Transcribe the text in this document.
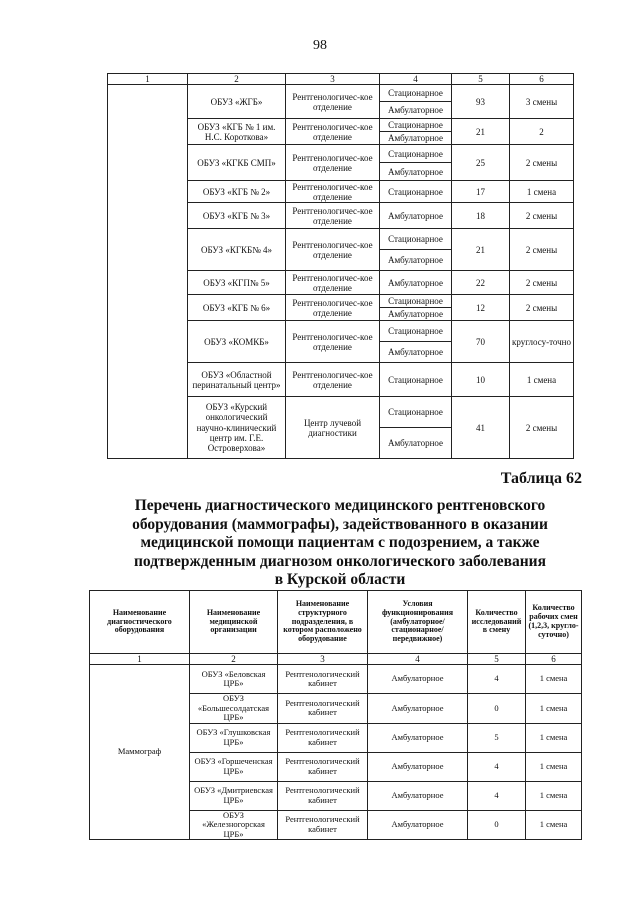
98
1	2	3	4	5	6
	ОБУЗ «ЖГБ»	Рентгенологичес-кое отделение	Стационарное	93	3 смены
			Амбулаторное		
	ОБУЗ «КГБ № 1 им. Н.С. Короткова»	Рентгенологичес-кое отделение	Стационарное	21	2
			Амбулаторное		
	ОБУЗ «КГКБ СМП»	Рентгенологичес-кое отделение	Стационарное	25	2 смены
			Амбулаторное		
	ОБУЗ «КГБ № 2»	Рентгенологичес-кое отделение	Стационарное	17	1 смена
	ОБУЗ «КГБ № 3»	Рентгенологичес-кое отделение	Амбулаторное	18	2 смены
	ОБУЗ «КГКБ№ 4»	Рентгенологичес-кое отделение	Стационарное	21	2 смены
			Амбулаторное		
	ОБУЗ «КГП№ 5»	Рентгенологичес-кое отделение	Амбулаторное	22	2 смены
	ОБУЗ «КГБ № 6»	Рентгенологичес-кое отделение	Стационарное	12	2 смены
			Амбулаторное		
	ОБУЗ «КОМКБ»	Рентгенологичес-кое отделение	Стационарное	70	круглосу-точно
			Амбулаторное		
	ОБУЗ «Областной перинатальный центр»	Рентгенологичес-кое отделение	Стационарное	10	1 смена
	ОБУЗ «Курский онкологический научно-клинический центр им. Г.Е. Островерхова»	Центр лучевой диагностики	Стационарное	41	2 смены
			Амбулаторное		
Таблица 62
Перечень диагностического медицинского рентгеновского
оборудования (маммографы), задействованного в оказании
медицинской помощи пациентам с подозрением, а также
подтвержденным диагнозом онкологического заболевания
в Курской области
Наименование диагностического оборудования	Наименование медицинской организации	Наименование структурного подразделения, в котором расположено оборудование	Условия функционирования (амбулаторное/ стационарное/ передвижное)	Количество исследований в смену	Количество рабочих смен (1,2,3, кругло-суточно)
1	2	3	4	5	6
Маммограф	ОБУЗ «Беловская ЦРБ»	Рентгенологический кабинет	Амбулаторное	4	1 смена
	ОБУЗ «Большесолдатская ЦРБ»	Рентгенологический кабинет	Амбулаторное	0	1 смена
	ОБУЗ «Глушковская ЦРБ»	Рентгенологический кабинет	Амбулаторное	5	1 смена
	ОБУЗ «Горшеченская ЦРБ»	Рентгенологический кабинет	Амбулаторное	4	1 смена
	ОБУЗ «Дмитриевская ЦРБ»	Рентгенологический кабинет	Амбулаторное	4	1 смена
	ОБУЗ «Железногорская ЦРБ»	Рентгенологический кабинет	Амбулаторное	0	1 смена
